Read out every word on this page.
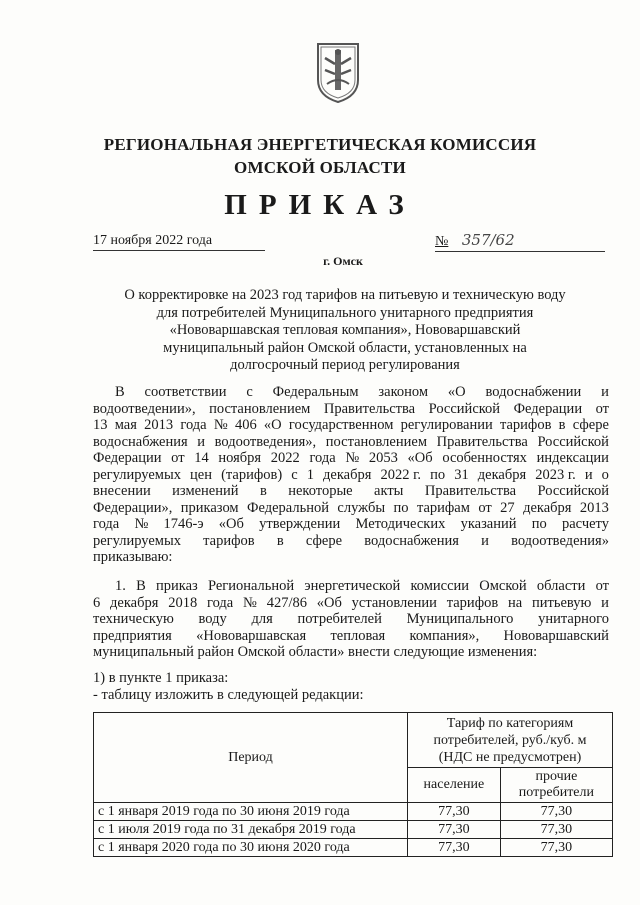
РЕГИОНАЛЬНАЯ ЭНЕРГЕТИЧЕСКАЯ КОМИССИЯ
ОМСКОЙ ОБЛАСТИ
ПРИКАЗ
17 ноября 2022 года	№ 357/62
г. Омск
О корректировке на 2023 год тарифов на питьевую и техническую воду
для потребителей Муниципального унитарного предприятия
«Нововаршавская тепловая компания», Нововаршавский
муниципальный район Омской области, установленных на
долгосрочный период регулирования
В соответствии с Федеральным законом «О водоснабжении и
водоотведении», постановлением Правительства Российской Федерации от
13 мая 2013 года № 406 «О государственном регулировании тарифов в сфере
водоснабжения и водоотведения», постановлением Правительства Российской
Федерации от 14 ноября 2022 года № 2053 «Об особенностях индексации
регулируемых цен (тарифов) с 1 декабря 2022 г. по 31 декабря 2023 г. и о
внесении изменений в некоторые акты Правительства Российской
Федерации», приказом Федеральной службы по тарифам от 27 декабря 2013
года № 1746-э «Об утверждении Методических указаний по расчету
регулируемых тарифов в сфере водоснабжения и водоотведения»
приказываю:
1. В приказ Региональной энергетической комиссии Омской области от
6 декабря 2018 года № 427/86 «Об установлении тарифов на питьевую и
техническую воду для потребителей Муниципального унитарного
предприятия «Нововаршавская тепловая компания», Нововаршавский
муниципальный район Омской области» внести следующие изменения:
1) в пункте 1 приказа:
- таблицу изложить в следующей редакции:
Период	Тариф по категориям
потребителей, руб./куб. м
(НДС не предусмотрен)	

	население	прочие
потребители

с 1 января 2019 года по 30 июня 2019 года	77,30	77,30
с 1 июля 2019 года по 31 декабря 2019 года	77,30	77,30
с 1 января 2020 года по 30 июня 2020 года	77,30	77,30
